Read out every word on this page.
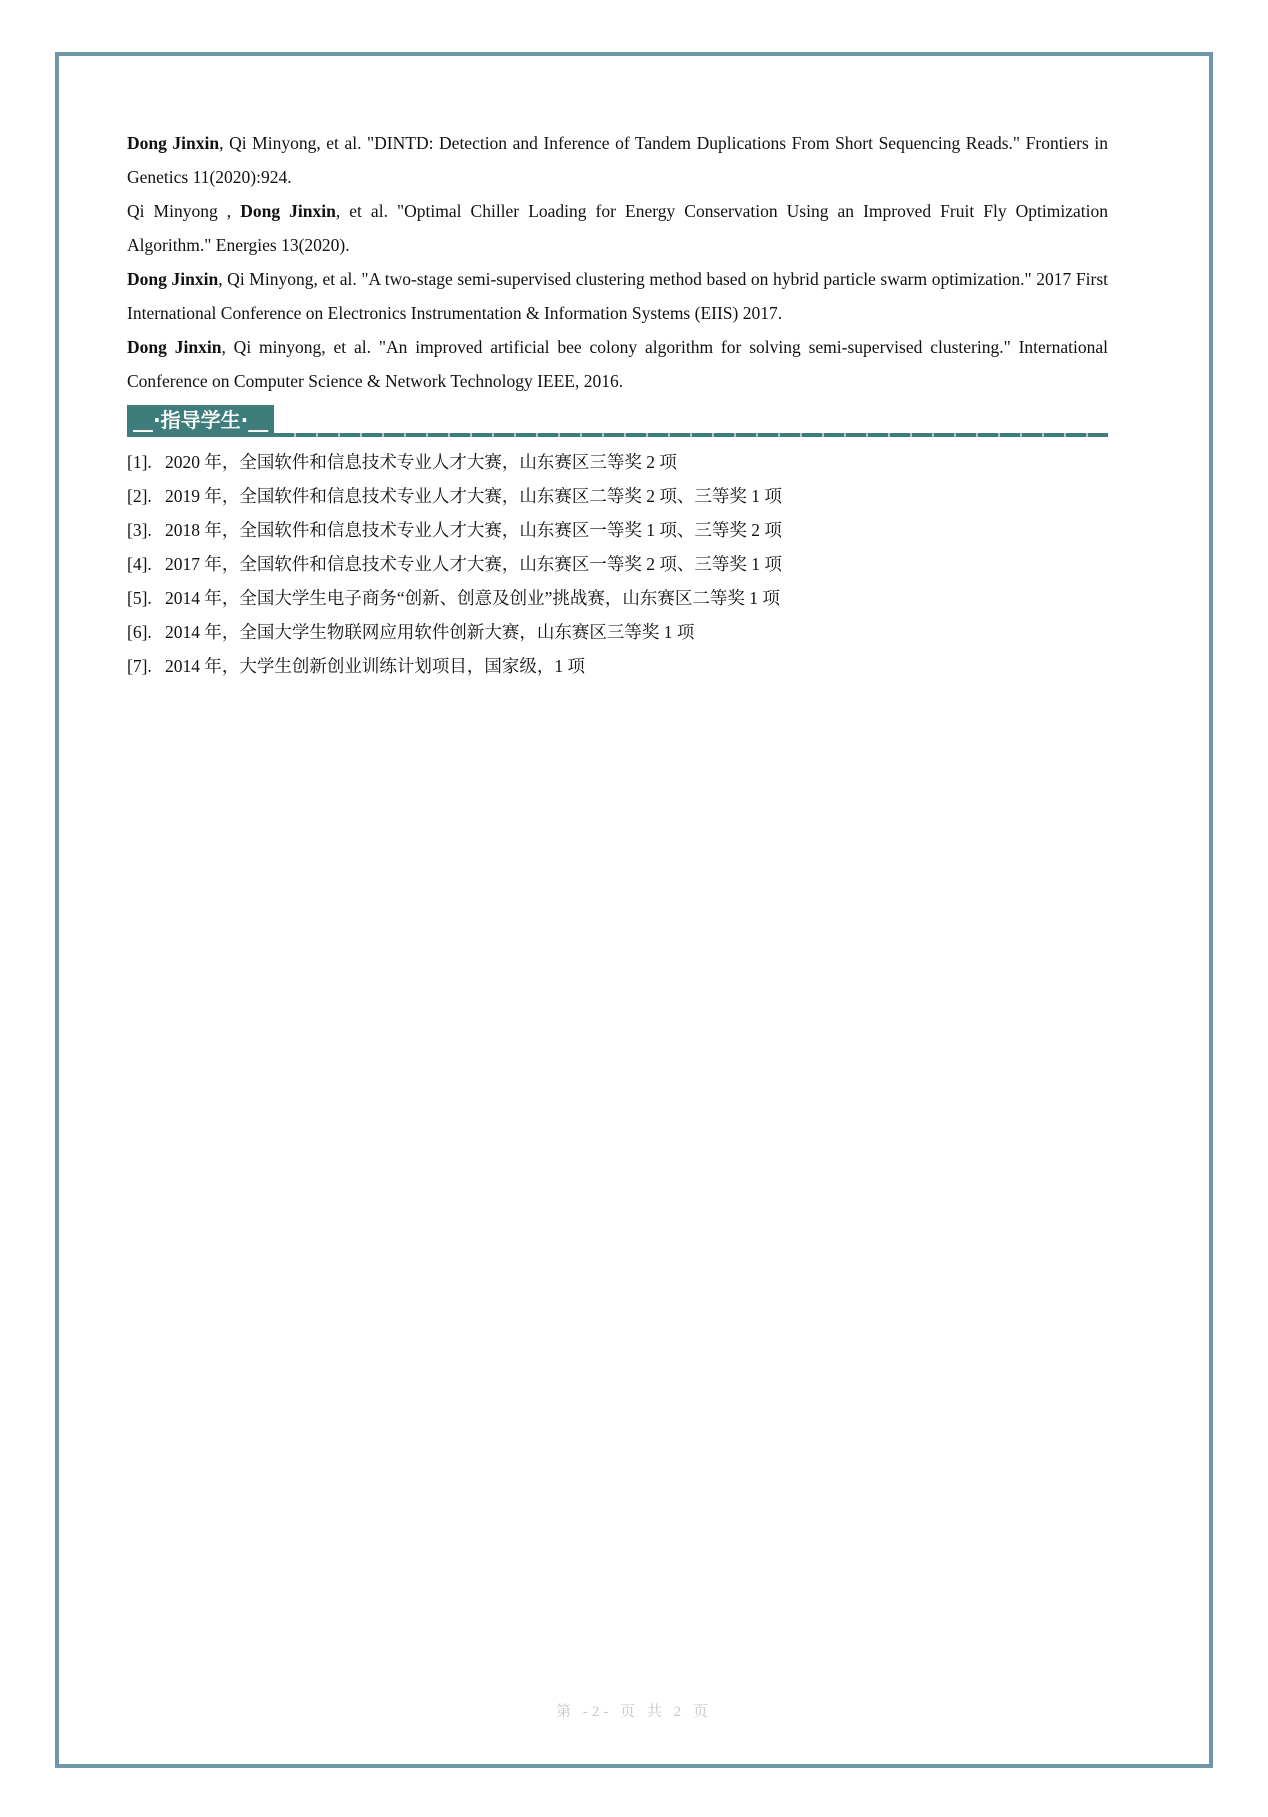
Dong Jinxin, Qi Minyong, et al. "DINTD: Detection and Inference of Tandem Duplications From Short Sequencing Reads." Frontiers in Genetics 11(2020):924.

Qi Minyong , Dong Jinxin, et al. "Optimal Chiller Loading for Energy Conservation Using an Improved Fruit Fly Optimization Algorithm." Energies 13(2020).

Dong Jinxin, Qi Minyong, et al. "A two-stage semi-supervised clustering method based on hybrid particle swarm optimization." 2017 First International Conference on Electronics Instrumentation & Information Systems (EIIS) 2017.

Dong Jinxin, Qi minyong, et al. "An improved artificial bee colony algorithm for solving semi-supervised clustering." International Conference on Computer Science & Network Technology IEEE, 2016.

__·指导学生·__
[1]. 2020 年，全国软件和信息技术专业人才大赛，山东赛区三等奖 2 项
[2]. 2019 年，全国软件和信息技术专业人才大赛，山东赛区二等奖 2 项、三等奖 1 项
[3]. 2018 年，全国软件和信息技术专业人才大赛，山东赛区一等奖 1 项、三等奖 2 项
[4]. 2017 年，全国软件和信息技术专业人才大赛，山东赛区一等奖 2 项、三等奖 1 项
[5]. 2014 年，全国大学生电子商务“创新、创意及创业”挑战赛，山东赛区二等奖 1 项
[6]. 2014 年，全国大学生物联网应用软件创新大赛，山东赛区三等奖 1 项
[7]. 2014 年，大学生创新创业训练计划项目，国家级，1 项
第 -2- 页 共 2 页
